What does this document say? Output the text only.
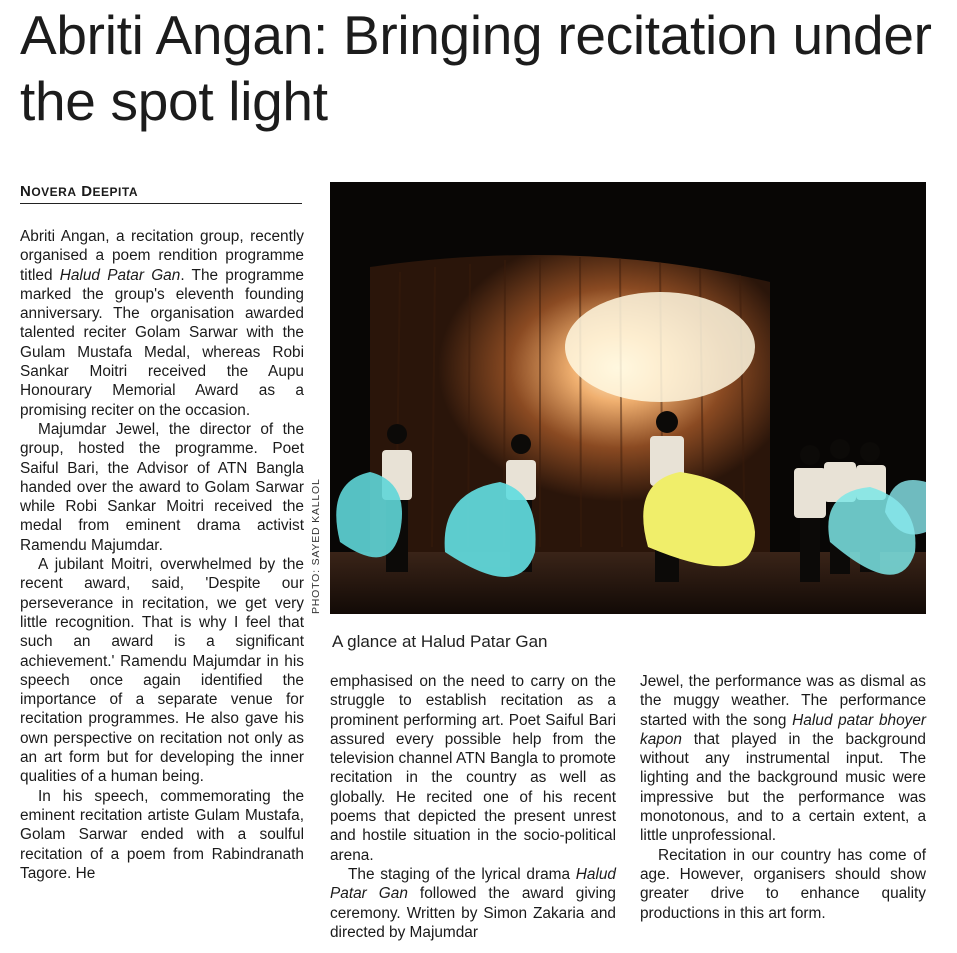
Abriti Angan: Bringing recitation under the spot light
NOVERA DEEPITA

Abriti Angan, a recitation group, recently organised a poem rendition programme titled Halud Patar Gan. The programme marked the group's eleventh founding anniversary. The organisation awarded talented reciter Golam Sarwar with the Gulam Mustafa Medal, whereas Robi Sankar Moitri received the Aupu Honourary Memorial Award as a promising reciter on the occasion.

Majumdar Jewel, the director of the group, hosted the programme. Poet Saiful Bari, the Advisor of ATN Bangla handed over the award to Golam Sarwar while Robi Sankar Moitri received the medal from eminent drama activist Ramendu Majumdar.

A jubilant Moitri, overwhelmed by the recent award, said, 'Despite our perseverance in recitation, we get very little recognition. That is why I feel that such an award is a significant achievement.' Ramendu Majumdar in his speech once again identified the importance of a separate venue for recitation programmes. He also gave his own perspective on recitation not only as an art form but for developing the inner qualities of a human being.

In his speech, commemorating the eminent recitation artiste Gulam Mustafa, Golam Sarwar ended with a soulful recitation of a poem from Rabindranath Tagore. He

PHOTO: SAYED KALLOL
A glance at Halud Patar Gan

emphasised on the need to carry on the struggle to establish recitation as a prominent performing art. Poet Saiful Bari assured every possible help from the television channel ATN Bangla to promote recitation in the country as well as globally. He recited one of his recent poems that depicted the present unrest and hostile situation in the socio-political arena.

The staging of the lyrical drama Halud Patar Gan followed the award giving ceremony. Written by Simon Zakaria and directed by Majumdar

Jewel, the performance was as dismal as the muggy weather. The performance started with the song Halud patar bhoyer kapon that played in the background without any instrumental input. The lighting and the background music were impressive but the performance was monotonous, and to a certain extent, a little unprofessional.

Recitation in our country has come of age. However, organisers should show greater drive to enhance quality productions in this art form.
